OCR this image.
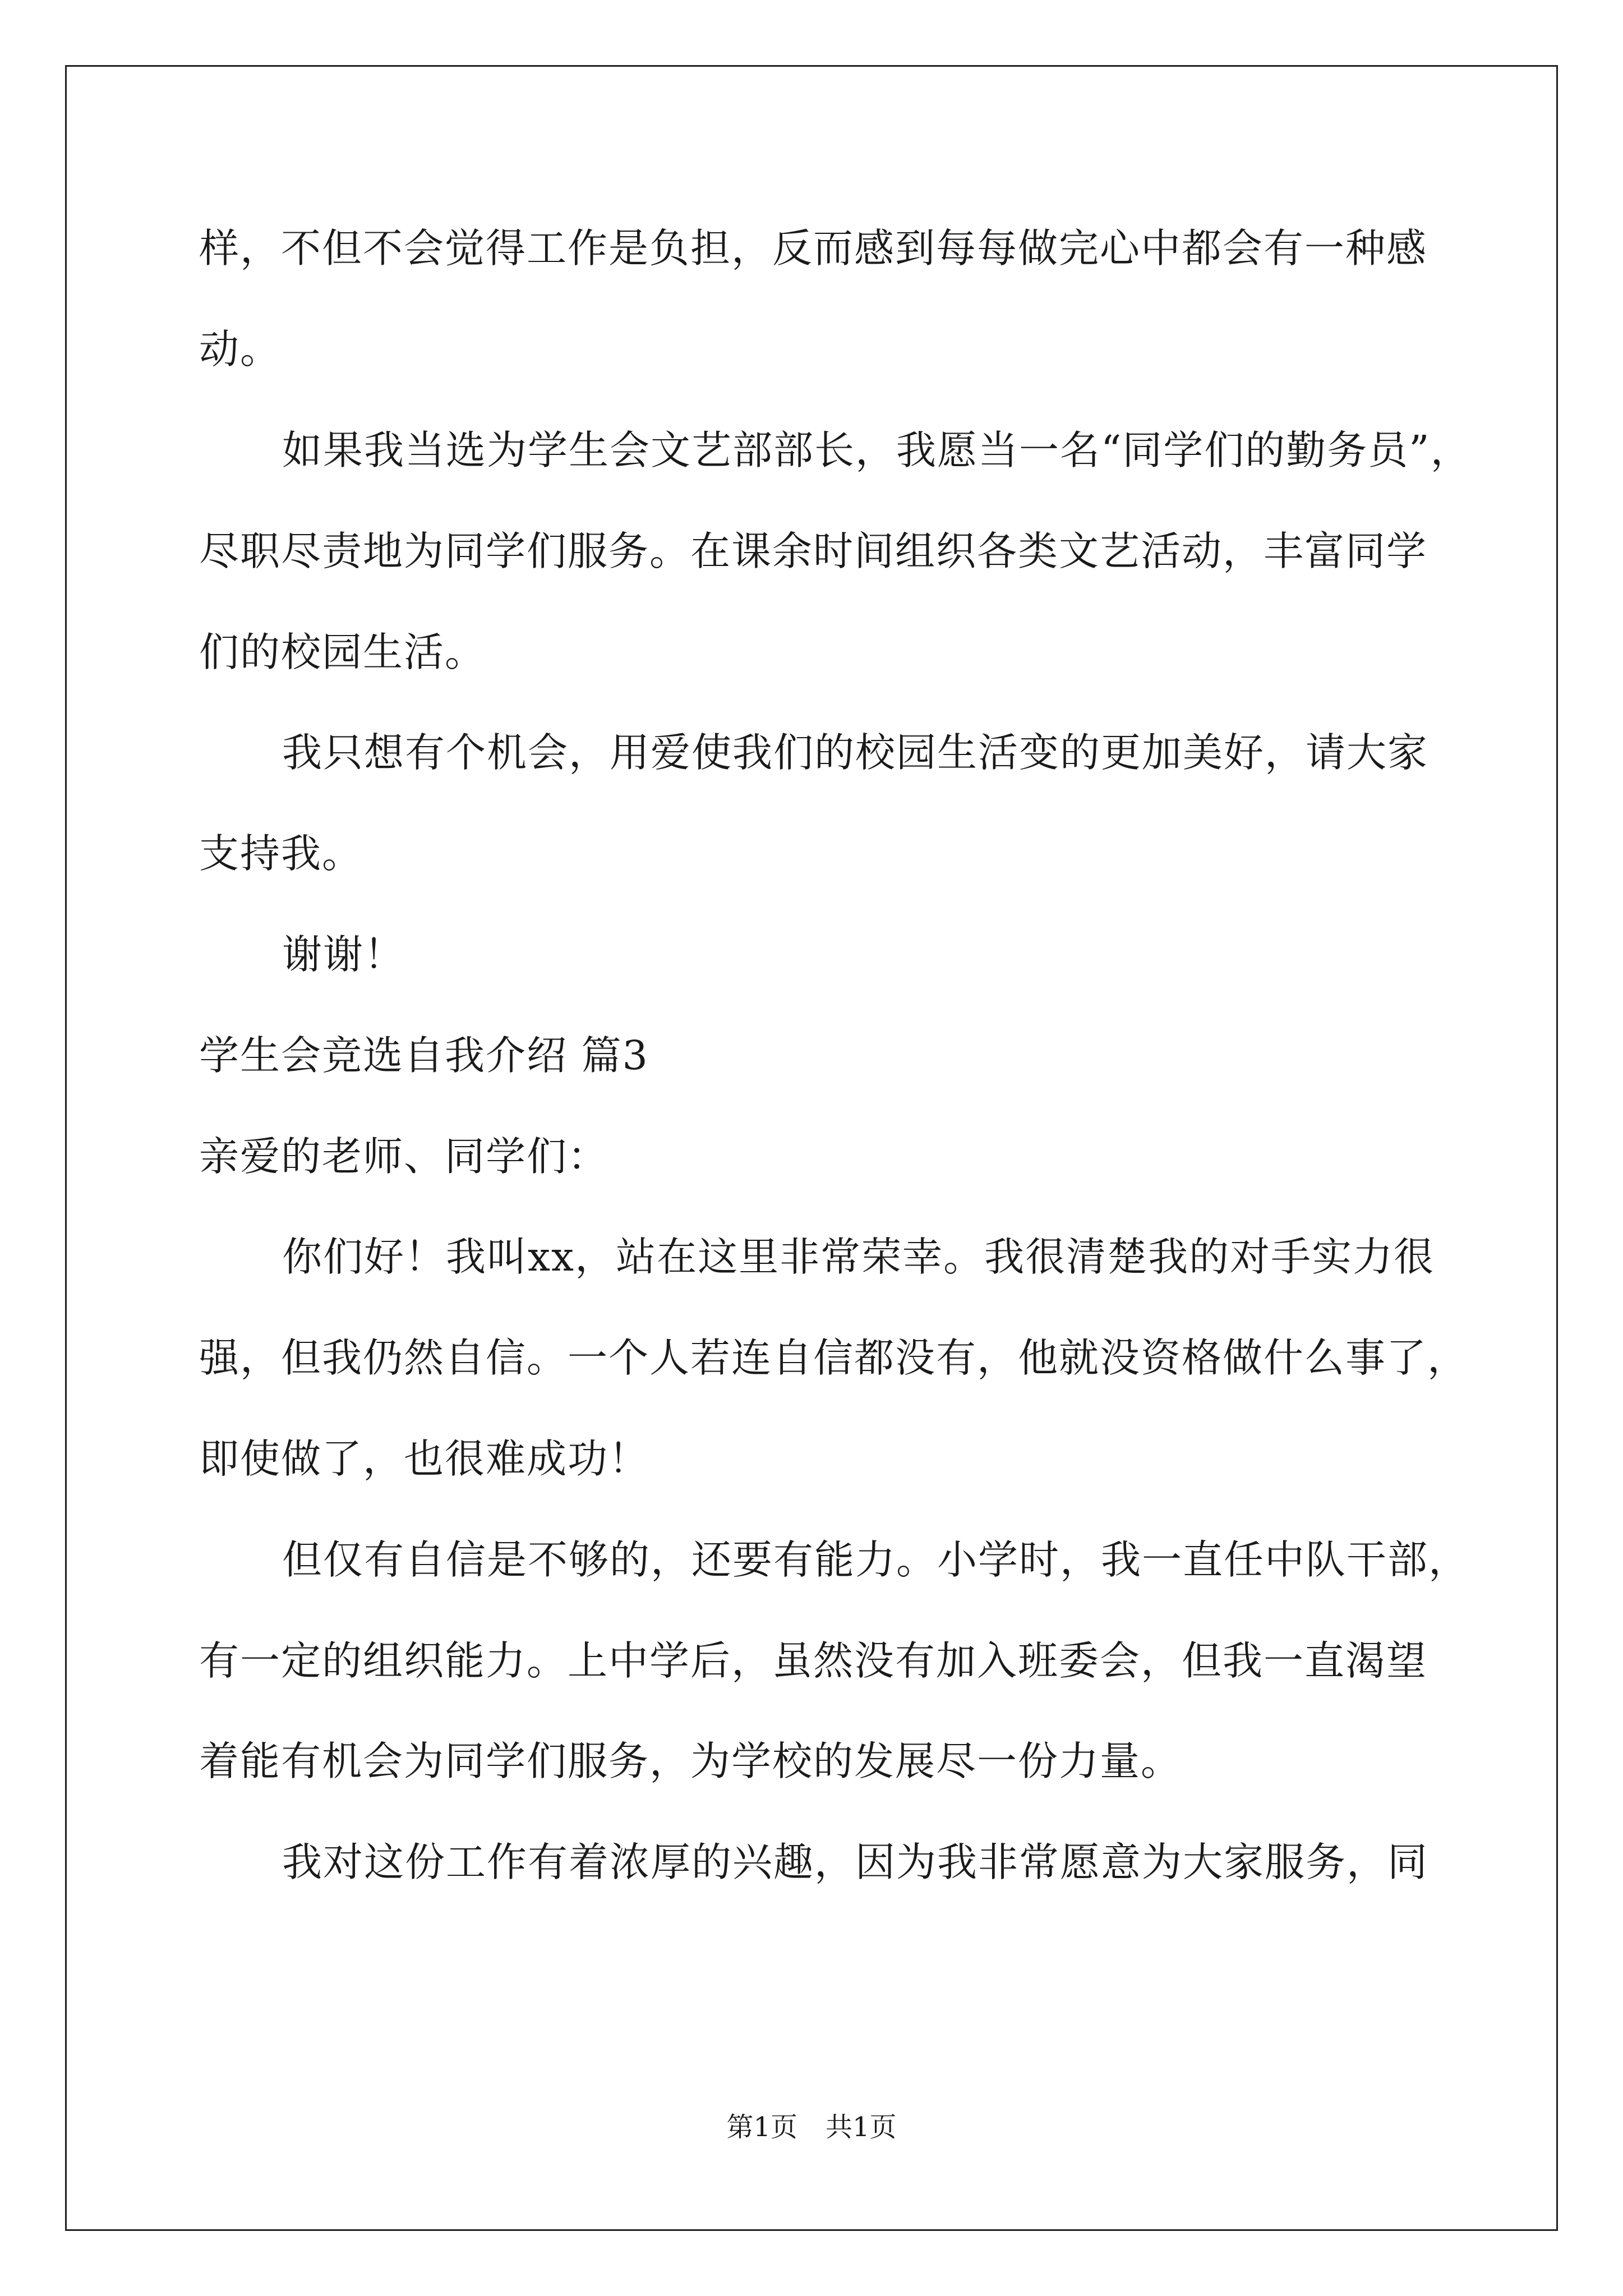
样，不但不会觉得工作是负担，反而感到每每做完心中都会有一种感
动。
如果我当选为学生会文艺部部长，我愿当一名“同学们的勤务员”，
尽职尽责地为同学们服务。在课余时间组织各类文艺活动，丰富同学
们的校园生活。
我只想有个机会，用爱使我们的校园生活变的更加美好，请大家
支持我。
谢谢！
学生会竞选自我介绍 篇3
亲爱的老师、同学们：
你们好！我叫xx，站在这里非常荣幸。我很清楚我的对手实力很
强，但我仍然自信。一个人若连自信都没有，他就没资格做什么事了，
即使做了，也很难成功！
但仅有自信是不够的，还要有能力。小学时，我一直任中队干部，
有一定的组织能力。上中学后，虽然没有加入班委会，但我一直渴望
着能有机会为同学们服务，为学校的发展尽一份力量。
我对这份工作有着浓厚的兴趣，因为我非常愿意为大家服务，同
第1页 共1页
